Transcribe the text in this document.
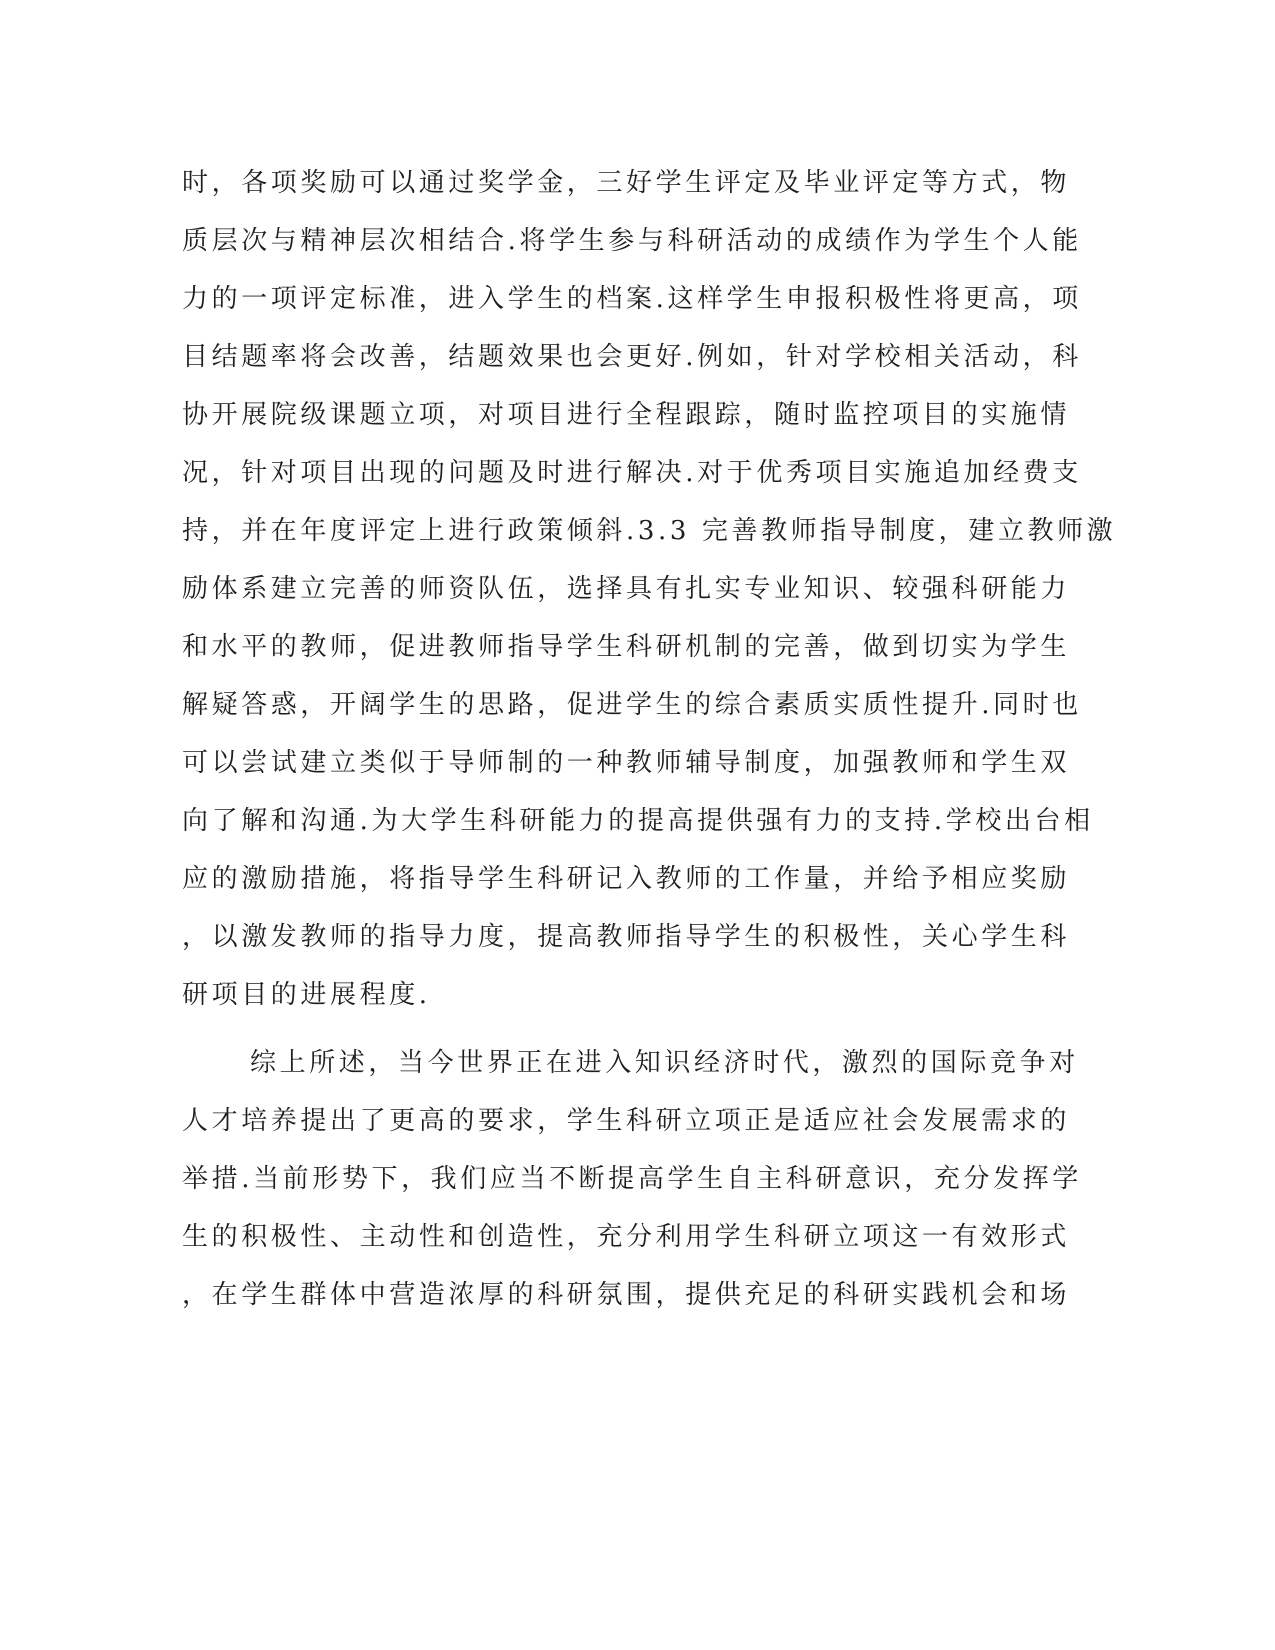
时，各项奖励可以通过奖学金，三好学生评定及毕业评定等方式，物
质层次与精神层次相结合.将学生参与科研活动的成绩作为学生个人能
力的一项评定标准，进入学生的档案.这样学生申报积极性将更高，项
目结题率将会改善，结题效果也会更好.例如，针对学校相关活动，科
协开展院级课题立项，对项目进行全程跟踪，随时监控项目的实施情
况，针对项目出现的问题及时进行解决.对于优秀项目实施追加经费支
持，并在年度评定上进行政策倾斜.3.3 完善教师指导制度，建立教师激
励体系建立完善的师资队伍，选择具有扎实专业知识、较强科研能力
和水平的教师，促进教师指导学生科研机制的完善，做到切实为学生
解疑答惑，开阔学生的思路，促进学生的综合素质实质性提升.同时也
可以尝试建立类似于导师制的一种教师辅导制度，加强教师和学生双
向了解和沟通.为大学生科研能力的提高提供强有力的支持.学校出台相
应的激励措施，将指导学生科研记入教师的工作量，并给予相应奖励
，以激发教师的指导力度，提高教师指导学生的积极性，关心学生科
研项目的进展程度.
综上所述，当今世界正在进入知识经济时代，激烈的国际竞争对
人才培养提出了更高的要求，学生科研立项正是适应社会发展需求的
举措.当前形势下，我们应当不断提高学生自主科研意识，充分发挥学
生的积极性、主动性和创造性，充分利用学生科研立项这一有效形式
，在学生群体中营造浓厚的科研氛围，提供充足的科研实践机会和场
